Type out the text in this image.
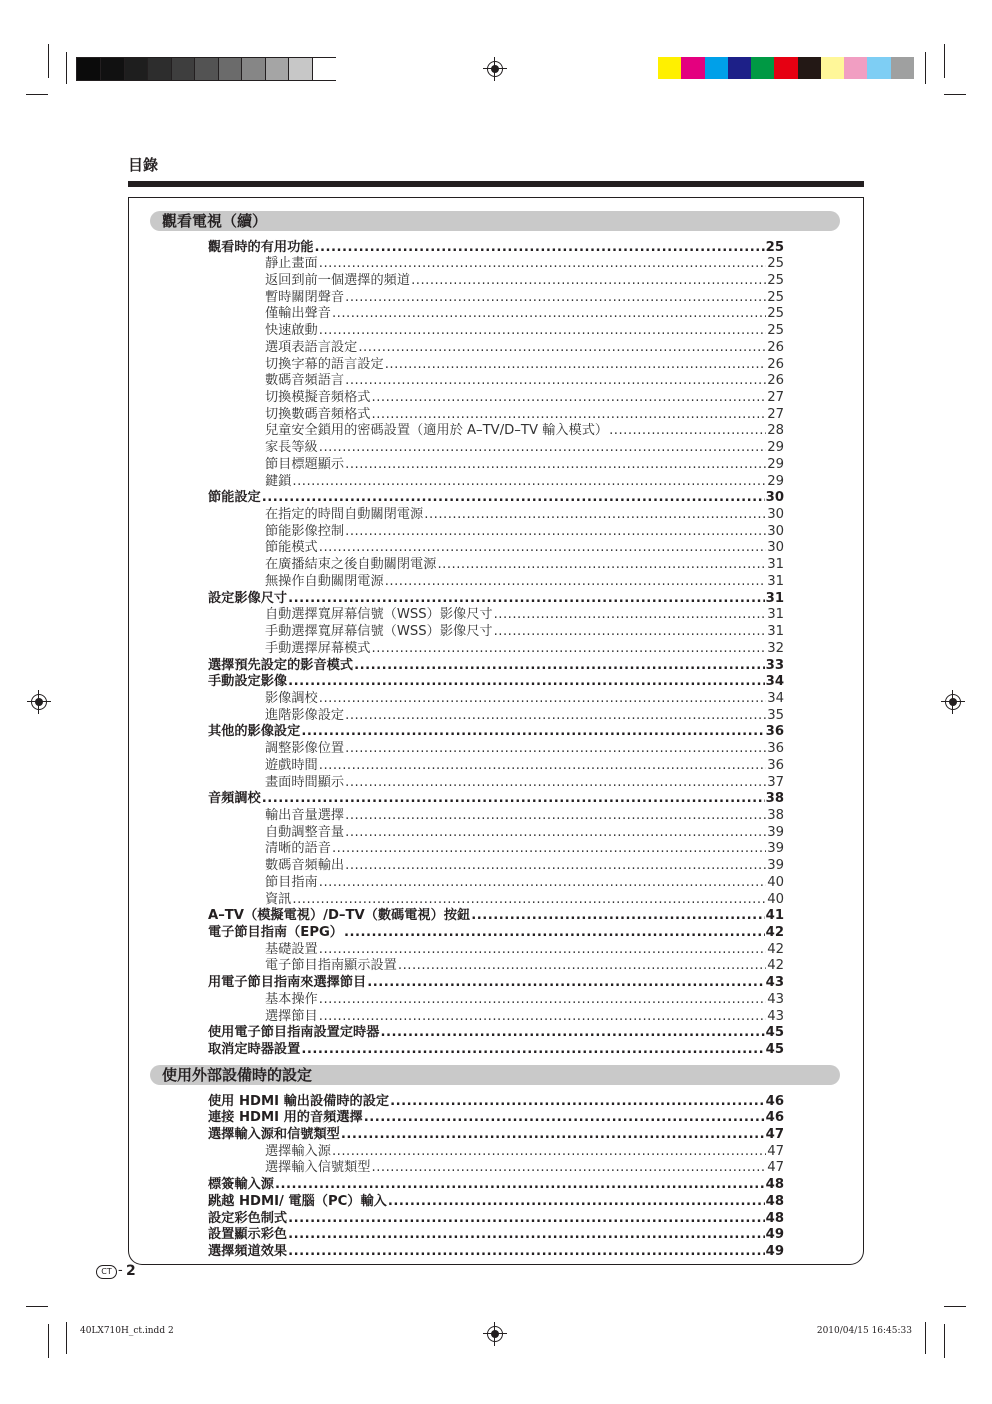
目錄
觀看電視（續）
觀看時的有用功能 .....	25
靜止畫面 .....	25
返回到前一個選擇的頻道 .....	25
暫時關閉聲音 .....	25
僅輸出聲音 .....	25
快速啟動 .....	25
選項表語言設定 .....	26
切換字幕的語言設定 .....	26
數碼音頻語言 .....	26
切換模擬音頻格式 .....	27
切換數碼音頻格式 .....	27
兒童安全鎖用的密碼設置（適用於 A–TV/D–TV 輸入模式） .....	28
家長等級 .....	29
節目標題顯示 .....	29
鍵鎖 .....	29
節能設定 .....	30
在指定的時間自動關閉電源 .....	30
節能影像控制 .....	30
節能模式 .....	30
在廣播結束之後自動關閉電源 .....	31
無操作自動關閉電源 .....	31
設定影像尺寸 .....	31
自動選擇寬屏幕信號（WSS）影像尺寸 .....	31
手動選擇寬屏幕信號（WSS）影像尺寸 .....	31
手動選擇屏幕模式 .....	32
選擇預先設定的影音模式 .....	33
手動設定影像 .....	34
影像調校 .....	34
進階影像設定 .....	35
其他的影像設定 .....	36
調整影像位置 .....	36
遊戲時間 .....	36
畫面時間顯示 .....	37
音頻調校 .....	38
輸出音量選擇 .....	38
自動調整音量 .....	39
清晰的語音 .....	39
數碼音頻輸出 .....	39
節目指南 .....	40
資訊 .....	40
A–TV（模擬電視）/D–TV（數碼電視）按鈕 .....	41
電子節目指南（EPG） .....	42
基礎設置 .....	42
電子節目指南顯示設置 .....	42
用電子節目指南來選擇節目 .....	43
基本操作 .....	43
選擇節目 .....	43
使用電子節目指南設置定時器 .....	45
取消定時器設置 .....	45
使用外部設備時的設定
使用 HDMI 輸出設備時的設定 .....	46
連接 HDMI 用的音頻選擇 .....	46
選擇輸入源和信號類型 .....	47
選擇輸入源 .....	47
選擇輸入信號類型 .....	47
標簽輸入源 .....	48
跳越 HDMI/ 電腦（PC）輸入 .....	48
設定彩色制式 .....	48
設置顯示彩色 .....	49
選擇頻道效果 .....	49
CT - 2
40LX710H_ct.indd 2	2010/04/15 16:45:33
